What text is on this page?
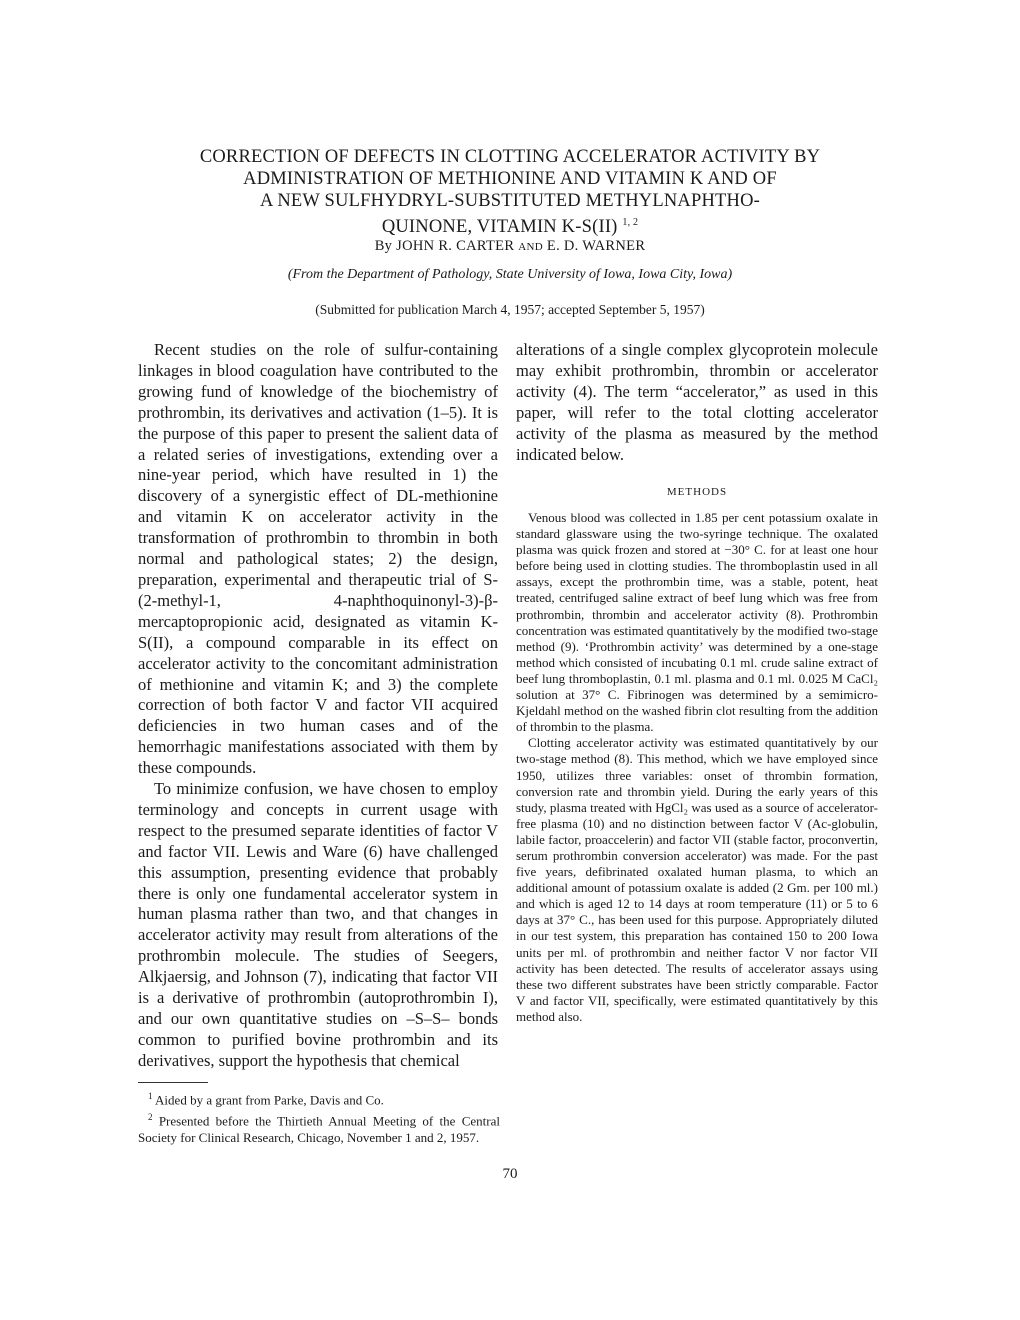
CORRECTION OF DEFECTS IN CLOTTING ACCELERATOR ACTIVITY BY
ADMINISTRATION OF METHIONINE AND VITAMIN K AND OF
A NEW SULFHYDRYL-SUBSTITUTED METHYLNAPHTHO-
QUINONE, VITAMIN K-S(II) $^{1, 2}$
By JOHN R. CARTER AND E. D. WARNER
(From the Department of Pathology, State University of Iowa, Iowa City, Iowa)
(Submitted for publication March 4, 1957; accepted September 5, 1957)

Recent studies on the role of sulfur-containing linkages in blood coagulation have contributed to the growing fund of knowledge of the biochemistry of prothrombin, its derivatives and activation (1–5). It is the purpose of this paper to present the salient data of a related series of investigations, extending over a nine-year period, which have resulted in 1) the discovery of a synergistic effect of DL-methionine and vitamin K on accelerator activity in the transformation of prothrombin to thrombin in both normal and pathological states; 2) the design, preparation, experimental and therapeutic trial of S-(2-methyl-1, 4-naphthoquinonyl-3)-β-mercaptopropionic acid, designated as vitamin K-S(II), a compound comparable in its effect on accelerator activity to the concomitant administration of methionine and vitamin K; and 3) the complete correction of both factor V and factor VII acquired deficiencies in two human cases and of the hemorrhagic manifestations associated with them by these compounds.

To minimize confusion, we have chosen to employ terminology and concepts in current usage with respect to the presumed separate identities of factor V and factor VII. Lewis and Ware (6) have challenged this assumption, presenting evidence that probably there is only one fundamental accelerator system in human plasma rather than two, and that changes in accelerator activity may result from alterations of the prothrombin molecule. The studies of Seegers, Alkjaersig, and Johnson (7), indicating that factor VII is a derivative of prothrombin (autoprothrombin I), and our own quantitative studies on –S–S– bonds common to purified bovine prothrombin and its derivatives, support the hypothesis that chemical

$^1$ Aided by a grant from Parke, Davis and Co.

$^2$ Presented before the Thirtieth Annual Meeting of the Central Society for Clinical Research, Chicago, November 1 and 2, 1957.

alterations of a single complex glycoprotein molecule may exhibit prothrombin, thrombin or accelerator activity (4). The term “accelerator,” as used in this paper, will refer to the total clotting accelerator activity of the plasma as measured by the method indicated below.

METHODS

Venous blood was collected in 1.85 per cent potassium oxalate in standard glassware using the two-syringe technique. The oxalated plasma was quick frozen and stored at −30° C. for at least one hour before being used in clotting studies. The thromboplastin used in all assays, except the prothrombin time, was a stable, potent, heat treated, centrifuged saline extract of beef lung which was free from prothrombin, thrombin and accelerator activity (8). Prothrombin concentration was estimated quantitatively by the modified two-stage method (9). ‘Prothrombin activity’ was determined by a one-stage method which consisted of incubating 0.1 ml. crude saline extract of beef lung thromboplastin, 0.1 ml. plasma and 0.1 ml. 0.025 M CaCl₂ solution at 37° C. Fibrinogen was determined by a semimicro-Kjeldahl method on the washed fibrin clot resulting from the addition of thrombin to the plasma.

Clotting accelerator activity was estimated quantitatively by our two-stage method (8). This method, which we have employed since 1950, utilizes three variables: onset of thrombin formation, conversion rate and thrombin yield. During the early years of this study, plasma treated with HgCl₂ was used as a source of accelerator-free plasma (10) and no distinction between factor V (Ac-globulin, labile factor, proaccelerin) and factor VII (stable factor, proconvertin, serum prothrombin conversion accelerator) was made. For the past five years, defibrinated oxalated human plasma, to which an additional amount of potassium oxalate is added (2 Gm. per 100 ml.) and which is aged 12 to 14 days at room temperature (11) or 5 to 6 days at 37° C., has been used for this purpose. Appropriately diluted in our test system, this preparation has contained 150 to 200 Iowa units per ml. of prothrombin and neither factor V nor factor VII activity has been detected. The results of accelerator assays using these two different substrates have been strictly comparable. Factor V and factor VII, specifically, were estimated quantitatively by this method also.

70
